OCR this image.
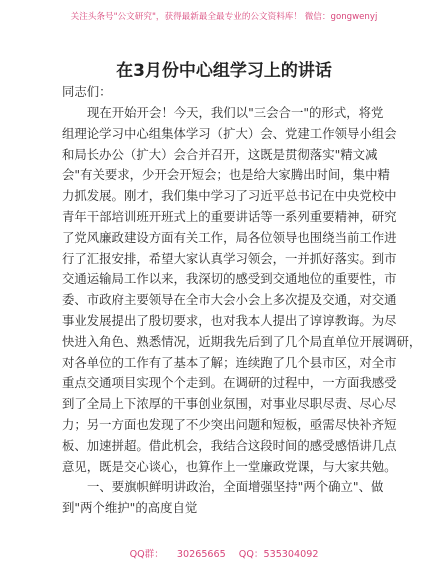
关注头条号"公文研究"，获得最新最全最专业的公文资料库！ 微信：gongwenyj
在3月份中心组学习上的讲话
同志们：
现在开始开会！今天，我们以"三会合一"的形式，将党
组理论学习中心组集体学习（扩大）会、党建工作领导小组会
和局长办公（扩大）会合并召开，这既是贯彻落实"精文减
会"有关要求，少开会开短会；也是给大家腾出时间，集中精
力抓发展。刚才，我们集中学习了习近平总书记在中央党校中
青年干部培训班开班式上的重要讲话等一系列重要精神，研究
了党风廉政建设方面有关工作，局各位领导也围绕当前工作进
行了汇报安排，希望大家认真学习领会，一并抓好落实。到市
交通运输局工作以来，我深切的感受到交通地位的重要性，市
委、市政府主要领导在全市大会小会上多次提及交通，对交通
事业发展提出了殷切要求，也对我本人提出了谆谆教诲。为尽
快进入角色、熟悉情况，近期我先后到了几个局直单位开展调研，
对各单位的工作有了基本了解；连续跑了几个县市区，对全市
重点交通项目实现个个走到。在调研的过程中，一方面我感受
到了全局上下浓厚的干事创业氛围，对事业尽职尽责、尽心尽
力；另一方面也发现了不少突出问题和短板，亟需尽快补齐短
板、加速拼超。借此机会，我结合这段时间的感受感悟讲几点
意见，既是交心谈心，也算作上一堂廉政党课，与大家共勉。
一、要旗帜鲜明讲政治，全面增强坚持"两个确立"、做
到"两个维护"的高度自觉
QQ群： 30265665 QQ：535304092
